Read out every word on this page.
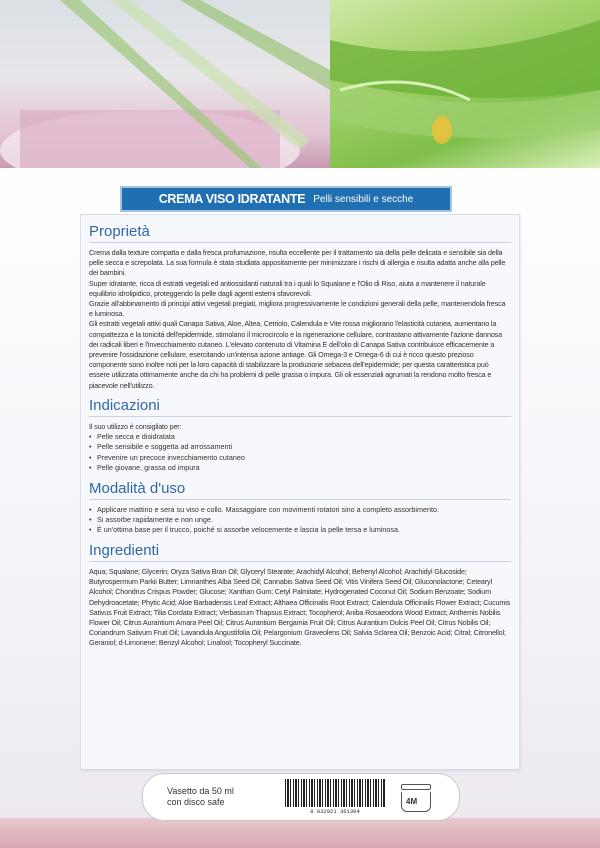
CREMA VISO IDRATANTE Pelli sensibili e secche
Proprietà

Crema dalla texture compatta e dalla fresca profumazione, risulta eccellente per il trattamento sia della pelle delicata e sensibile sia della pelle secca e screpolata. La sua formula è stata studiata appositamente per minimizzare i rischi di allergia e risulta adatta anche alla pelle dei bambini.

Super idratante, ricca di estratti vegetali ed antiossidanti naturali tra i quali lo Squalane e l'Olio di Riso, aiuta a mantenere il naturale equilibrio idrolipidico, proteggendo la pelle dagli agenti esterni sfavorevoli.

Grazie all'abbinamento di principi attivi vegetali pregiati, migliora progressivamente le condizioni generali della pelle, mantenendola fresca e luminosa.

Gli estratti vegetali attivi quali Canapa Sativa, Aloe, Altea, Cetriolo, Calendula e Vite rossa migliorano l'elasticità cutanea, aumentano la compattezza e la tonicità dell'epidermide, stimolano il microcircolo e la rigenerazione cellulare, contrastano attivamente l'azione dannosa dei radicali liberi e l'invecchiamento cutaneo. L'elevato contenuto di Vitamina E dell'olio di Canapa Sativa contribuisce efficacemente a prevenire l'ossidazione cellulare, esercitando un'intensa azione antiage. Gli Omega-3 e Omega-6 di cui è ricco questo prezioso componente sono inoltre noti per la loro capacità di stabilizzare la produzione sebacea dell'epidermide; per questa caratteristica può essere utilizzata ottimamente anche da chi ha problemi di pelle grassa o impura. Gli oli essenziali agrumati la rendono molto fresca e piacevole nell'utilizzo.

Indicazioni
Il suo utilizzo è consigliato per:
• Pelle secca e disidratata
• Pelle sensibile e soggetta ad arrossamenti
• Prevenire un precoce invecchiamento cutaneo
• Pelle giovane, grassa od impura
Modalità d'uso
• Applicare mattino e sera su viso e collo. Massaggiare con movimenti rotatori sino a completo assorbimento.
• Si assorbe rapidamente e non unge.
• È un'ottima base per il trucco, poiché si assorbe velocemente e lascia la pelle tersa e luminosa.
Ingredienti
Aqua; Squalane; Glycerin; Oryza Sativa Bran Oil; Glyceryl Stearate; Arachidyl Alcohol; Behenyl Alcohol; Arachidyl Glucoside; Butyrospermum Parkii Butter; Limnanthes Alba Seed Oil; Cannabis Sativa Seed Oil; Vitis Vinifera Seed Oil; Gluconolactone; Cetearyl Alcohol; Chondrus Crispus Powder; Glucose; Xanthan Gum; Cetyl Palmitate; Hydrogenated Coconut Oil; Sodium Benzoate; Sodium Dehydroacetate; Phytic Acid; Aloe Barbadensis Leaf Extract; Althaea Officinalis Root Extract; Calendula Officinalis Flower Extract; Cucumis Sativus Fruit Extract; Tilia Cordata Extract; Verbascum Thapsus Extract; Tocopherol; Aniba Rosaeodora Wood Extract; Anthemis Nobilis Flower Oil; Citrus Aurantium Amara Peel Oil; Citrus Aurantium Bergamia Fruit Oil; Citrus Aurantium Dulcis Peel Oil; Citrus Nobilis Oil; Coriandrum Sativum Fruit Oil; Lavandula Angustifolia Oil; Pelargonium Graveolens Oil; Salvia Sclarea Oil; Benzoic Acid; Citral; Citronellol; Geraniol; d-Limonene; Benzyl Alcohol; Linalool; Tocopheryl Succinate.
Vasetto da 50 ml
con disco safe
8 032921 361304
4M
